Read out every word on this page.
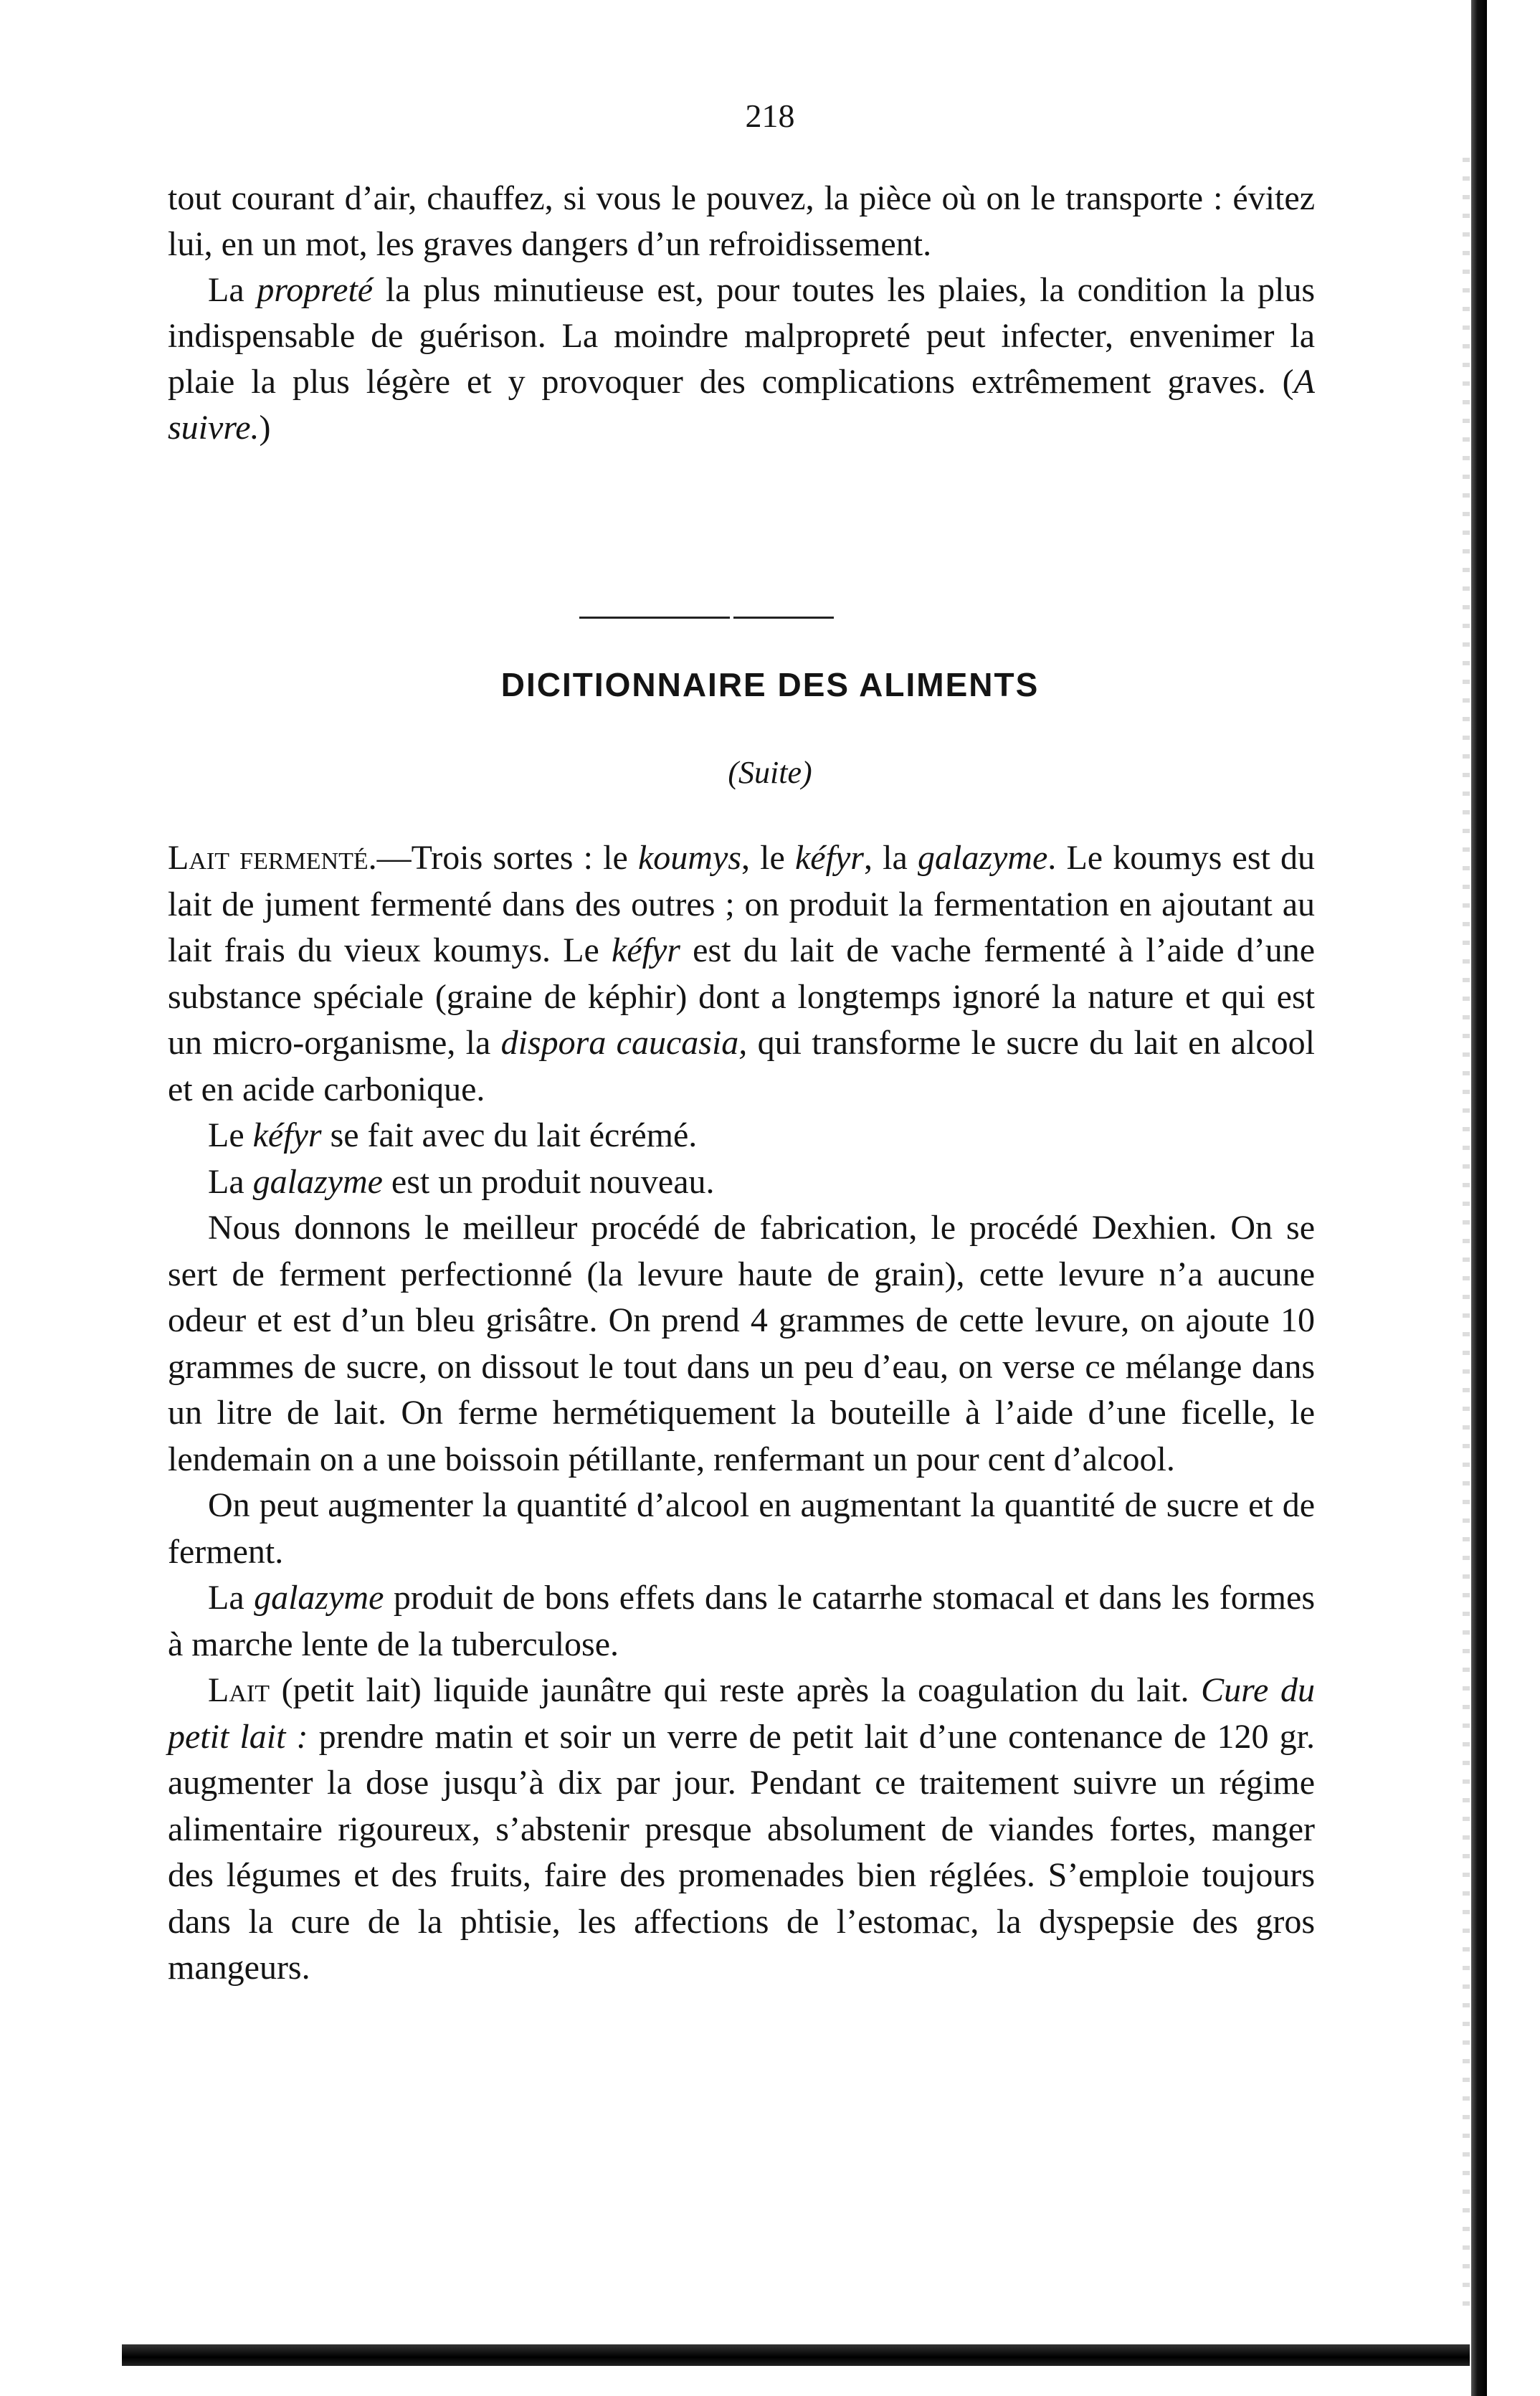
218

tout courant d’air, chauffez, si vous le pouvez, la pièce où on le transporte : évitez lui, en un mot, les graves dangers d’un refroidissement.

La propreté la plus minutieuse est, pour toutes les plaies, la condition la plus indispensable de guérison. La moindre malpropreté peut infecter, envenimer la plaie la plus légère et y provoquer des complications extrêmement graves. (A suivre.)

DICITIONNAIRE DES ALIMENTS
(Suite)

Lait fermenté.—Trois sortes : le koumys, le kéfyr, la galazyme. Le koumys est du lait de jument fermenté dans des outres ; on produit la fermentation en ajoutant au lait frais du vieux koumys. Le kéfyr est du lait de vache fermenté à l’aide d’une substance spéciale (graine de képhir) dont a longtemps ignoré la nature et qui est un micro-organisme, la dispora caucasia, qui transforme le sucre du lait en alcool et en acide carbonique.

Le kéfyr se fait avec du lait écrémé.

La galazyme est un produit nouveau.

Nous donnons le meilleur procédé de fabrication, le procédé Dexhien. On se sert de ferment perfectionné (la levure haute de grain), cette levure n’a aucune odeur et est d’un bleu grisâtre. On prend 4 grammes de cette levure, on ajoute 10 grammes de sucre, on dissout le tout dans un peu d’eau, on verse ce mélange dans un litre de lait. On ferme hermétiquement la bouteille à l’aide d’une ficelle, le lendemain on a une boissoin pétillante, renfermant un pour cent d’alcool.

On peut augmenter la quantité d’alcool en augmentant la quantité de sucre et de ferment.

La galazyme produit de bons effets dans le catarrhe stomacal et dans les formes à marche lente de la tuberculose.

Lait (petit lait) liquide jaunâtre qui reste après la coagulation du lait. Cure du petit lait : prendre matin et soir un verre de petit lait d’une contenance de 120 gr. augmenter la dose jusqu’à dix par jour. Pendant ce traitement suivre un régime alimentaire rigoureux, s’abstenir presque absolument de viandes fortes, manger des légumes et des fruits, faire des promenades bien réglées. S’emploie toujours dans la cure de la phtisie, les affections de l’estomac, la dyspepsie des gros mangeurs.
